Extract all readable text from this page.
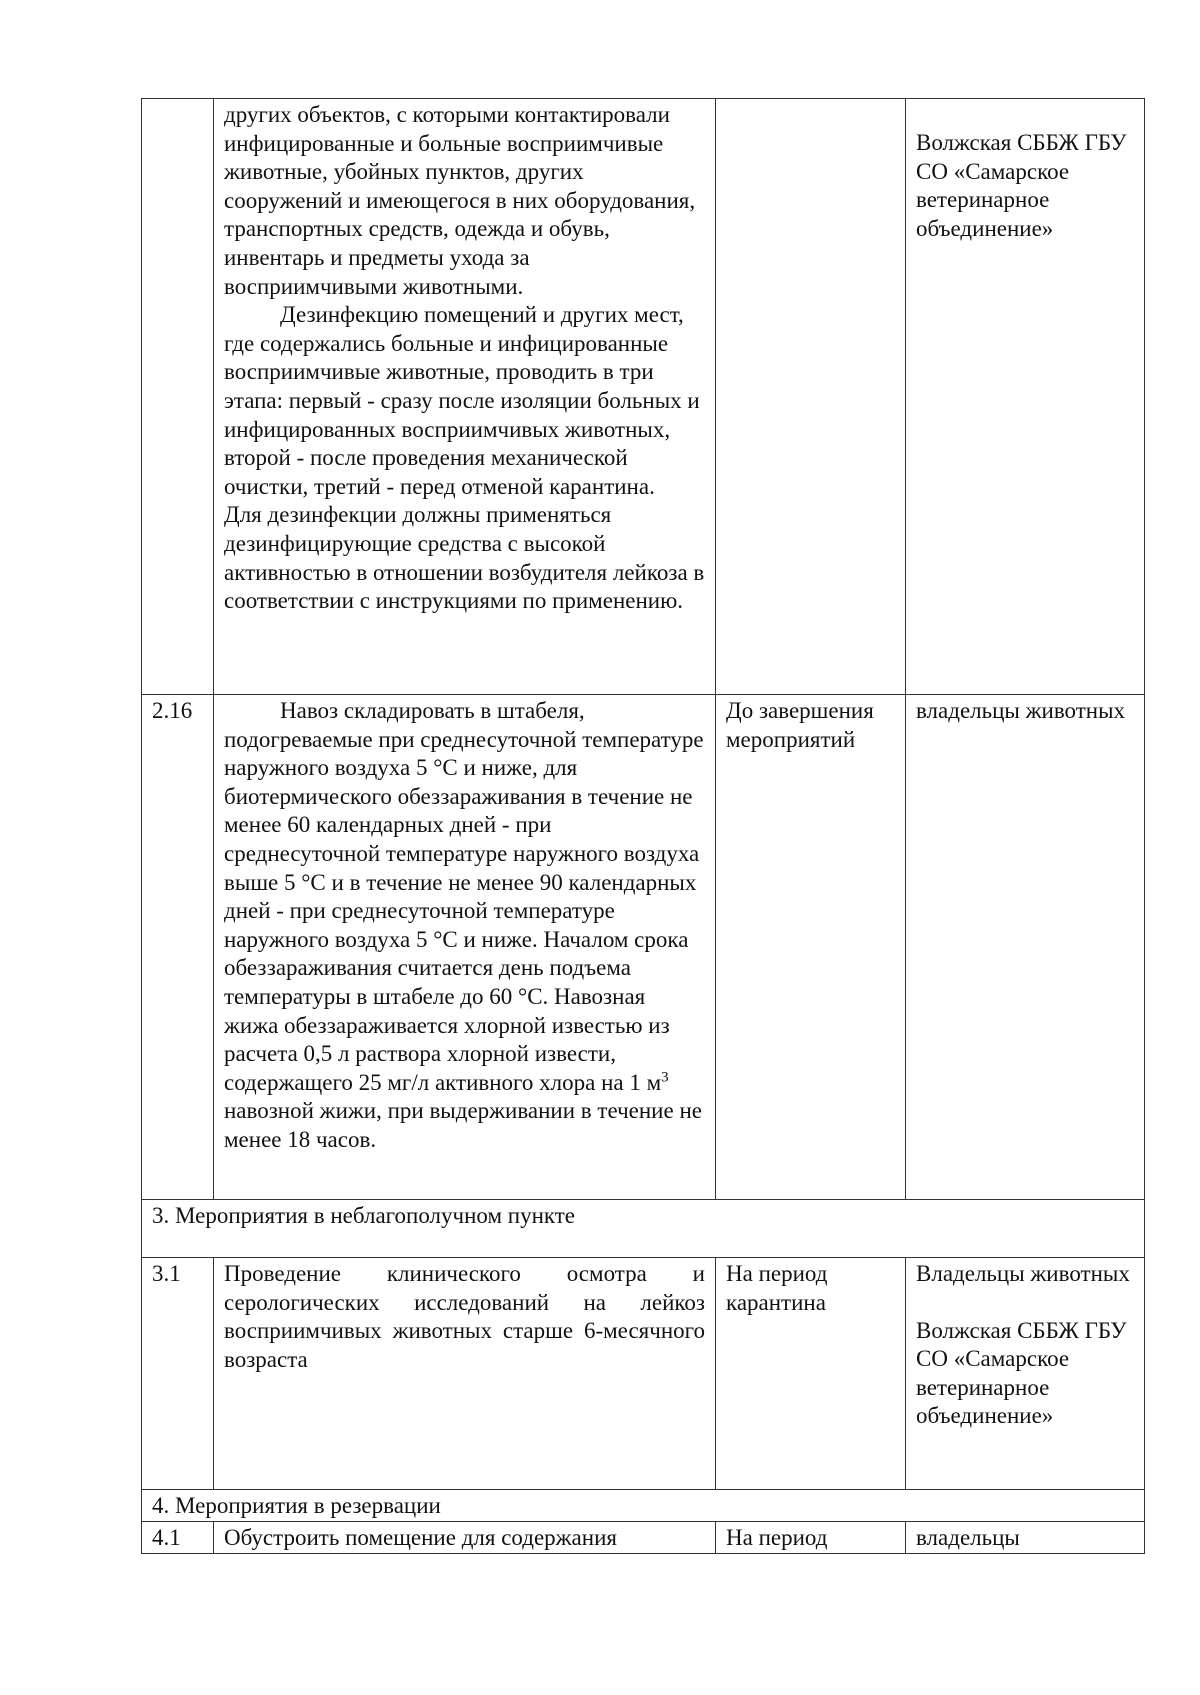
	других объектов, с которыми контактировали инфицированные и больные восприимчивые животные, убойных пунктов, других сооружений и имеющегося в них оборудования, транспортных средств, одежда и обувь, инвентарь и предметы ухода за восприимчивыми животными.
Дезинфекцию помещений и других мест, где содержались больные и инфицированные восприимчивые животные, проводить в три этапа: первый - сразу после изоляции больных и инфицированных восприимчивых животных, второй - после проведения механической очистки, третий - перед отменой карантина.
Для дезинфекции должны применяться дезинфицирующие средства с высокой активностью в отношении возбудителя лейкоза в соответствии с инструкциями по применению.		Волжская СББЖ ГБУ СО «Самарское ветеринарное объединение»
2.16	Навоз складировать в штабеля, подогреваемые при среднесуточной температуре наружного воздуха 5 °С и ниже, для биотермического обеззараживания в течение не менее 60 календарных дней - при среднесуточной температуре наружного воздуха выше 5 °С и в течение не менее 90 календарных дней - при среднесуточной температуре наружного воздуха 5 °С и ниже. Началом срока обеззараживания считается день подъема температуры в штабеле до 60 °С. Навозная жижа обеззараживается хлорной известью из расчета 0,5 л раствора хлорной извести, содержащего 25 мг/л активного хлора на 1 $м^3$ навозной жижи, при выдерживании в течение не менее 18 часов.	До завершения мероприятий	владельцы животных
3. Мероприятия в неблагополучном пункте			
3.1	Проведение клинического осмотра и серологических исследований на лейкоз восприимчивых животных старше 6-месячного возраста	На период карантина	Владельцы животных
Волжская СББЖ ГБУ СО «Самарское ветеринарное объединение»

4. Мероприятия в резервации			
4.1	Обустроить помещение для содержания	На период	владельцы
